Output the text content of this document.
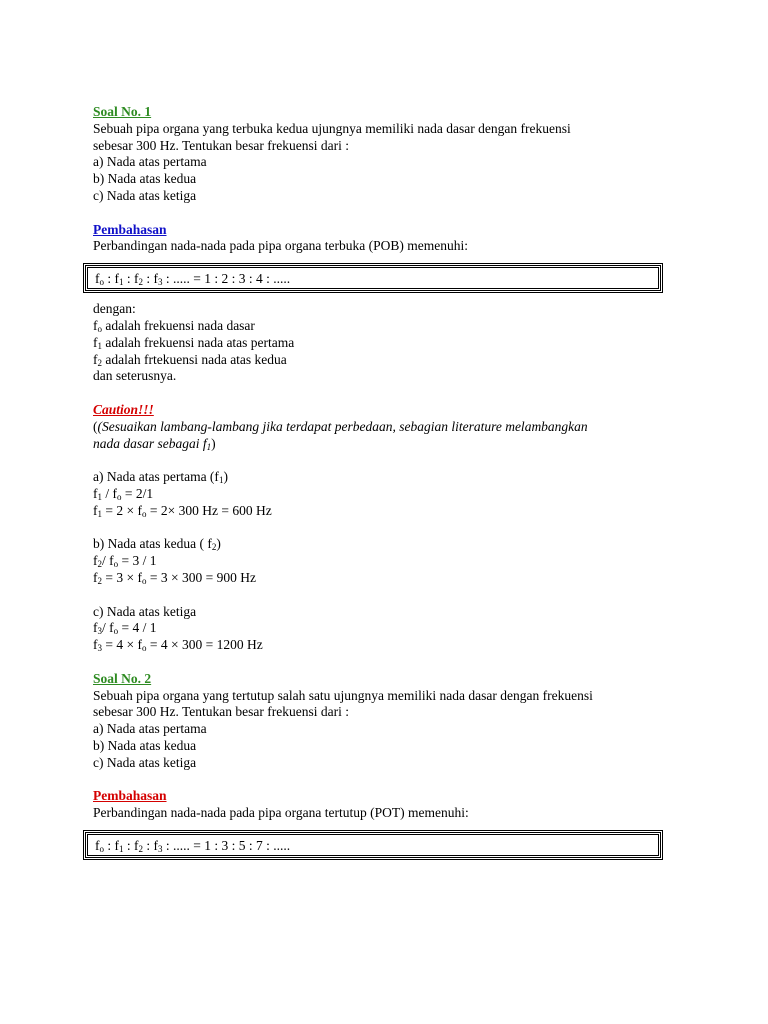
Soal No. 1
Sebuah pipa organa yang terbuka kedua ujungnya memiliki nada dasar dengan frekuensi
sebesar 300 Hz. Tentukan besar frekuensi dari :
a) Nada atas pertama
b) Nada atas kedua
c) Nada atas ketiga
Pembahasan
Perbandingan nada-nada pada pipa organa terbuka (POB) memenuhi:
$f_o$ : $f_1$ : $f_2$ : $f_3$ : ..... = 1 : 2 : 3 : 4 : .....
dengan:
$f_o$ adalah frekuensi nada dasar
$f_1$ adalah frekuensi nada atas pertama
$f_2$ adalah frtekuensi nada atas kedua
dan seterusnya.
Caution!!!
((Sesuaikan lambang-lambang jika terdapat perbedaan, sebagian literature melambangkan
nada dasar sebagai $f_1$)
a) Nada atas pertama $(f_1)$
$f_1 / f_o = 2/1$
$f_1 = 2 \times f_o = 2\times 300$ Hz = 600 Hz
b) Nada atas kedua ( $f_2$)
$f_2/$ $f_o = 3 / 1$
$f_2 = 3 \times f_o = 3 \times 300 = 900$ Hz
c) Nada atas ketiga
$f_3/$ $f_o = 4 / 1$
$f_3 = 4 \times f_o = 4 \times 300 = 1200$ Hz
Soal No. 2
Sebuah pipa organa yang tertutup salah satu ujungnya memiliki nada dasar dengan frekuensi
sebesar 300 Hz. Tentukan besar frekuensi dari :
a) Nada atas pertama
b) Nada atas kedua
c) Nada atas ketiga
Pembahasan
Perbandingan nada-nada pada pipa organa tertutup (POT) memenuhi:
$f_o$ : $f_1$ : $f_2$ : $f_3$ : ..... = 1 : 3 : 5 : 7 : .....
